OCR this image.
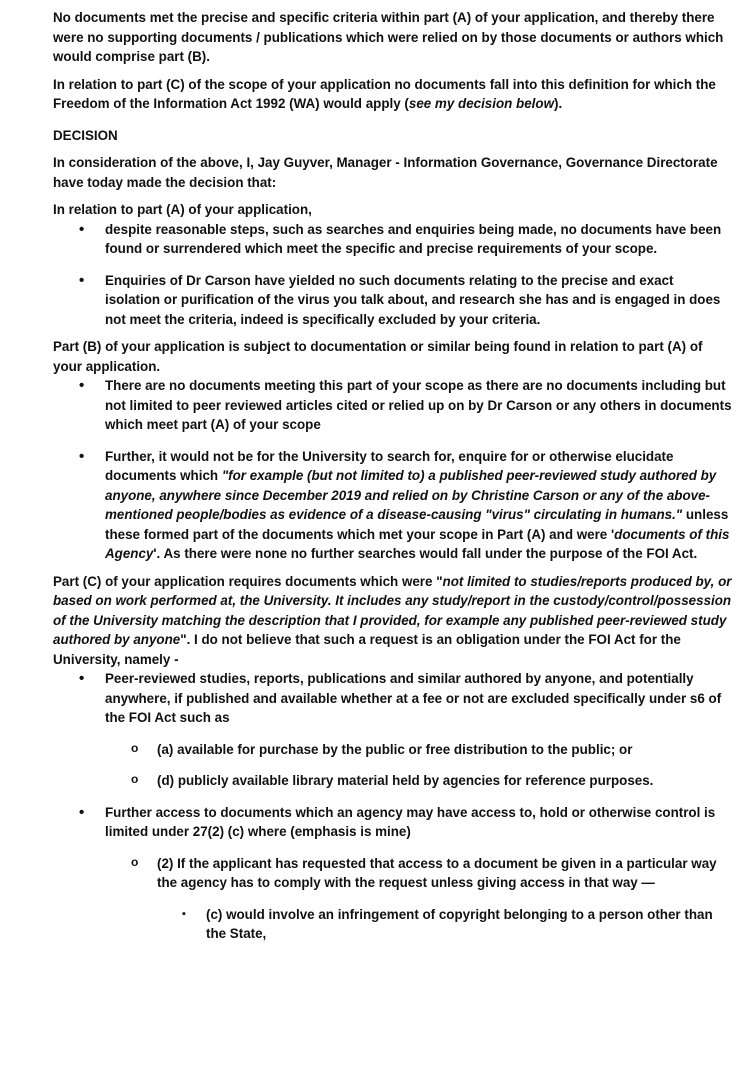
No documents met the precise and specific criteria within part (A) of your application, and thereby there were no supporting documents / publications which were relied on by those documents or authors which would comprise part (B).

In relation to part (C) of the scope of your application no documents fall into this definition for which the Freedom of the Information Act 1992 (WA) would apply (see my decision below).

DECISION

In consideration of the above, I, Jay Guyver, Manager - Information Governance, Governance Directorate have today made the decision that:

In relation to part (A) of your application,

• despite reasonable steps, such as searches and enquiries being made, no documents have been found or surrendered which meet the specific and precise requirements of your scope.
• Enquiries of Dr Carson have yielded no such documents relating to the precise and exact isolation or purification of the virus you talk about, and research she has and is engaged in does not meet the criteria, indeed is specifically excluded by your criteria.

Part (B) of your application is subject to documentation or similar being found in relation to part (A) of your application.

• There are no documents meeting this part of your scope as there are no documents including but not limited to peer reviewed articles cited or relied up on by Dr Carson or any others in documents which meet part (A) of your scope
• Further, it would not be for the University to search for, enquire for or otherwise elucidate documents which "for example (but not limited to) a published peer-reviewed study authored by anyone, anywhere since December 2019 and relied on by Christine Carson or any of the above-mentioned people/bodies as evidence of a disease-causing "virus" circulating in humans." unless these formed part of the documents which met your scope in Part (A) and were 'documents of this Agency'. As there were none no further searches would fall under the purpose of the FOI Act.

Part (C) of your application requires documents which were "not limited to studies/reports produced by, or based on work performed at, the University. It includes any study/report in the custody/control/possession of the University matching the description that I provided, for example any published peer-reviewed study authored by anyone". I do not believe that such a request is an obligation under the FOI Act for the University, namely -

• Peer-reviewed studies, reports, publications and similar authored by anyone, and potentially anywhere, if published and available whether at a fee or not are excluded specifically under s6 of the FOI Act such as
o (a) available for purchase by the public or free distribution to the public; or
o (d) publicly available library material held by agencies for reference purposes.
• Further access to documents which an agency may have access to, hold or otherwise control is limited under 27(2) (c) where (emphasis is mine)
o (2) If the applicant has requested that access to a document be given in a particular way the agency has to comply with the request unless giving access in that way —
▪ (c) would involve an infringement of copyright belonging to a person other than the State,
